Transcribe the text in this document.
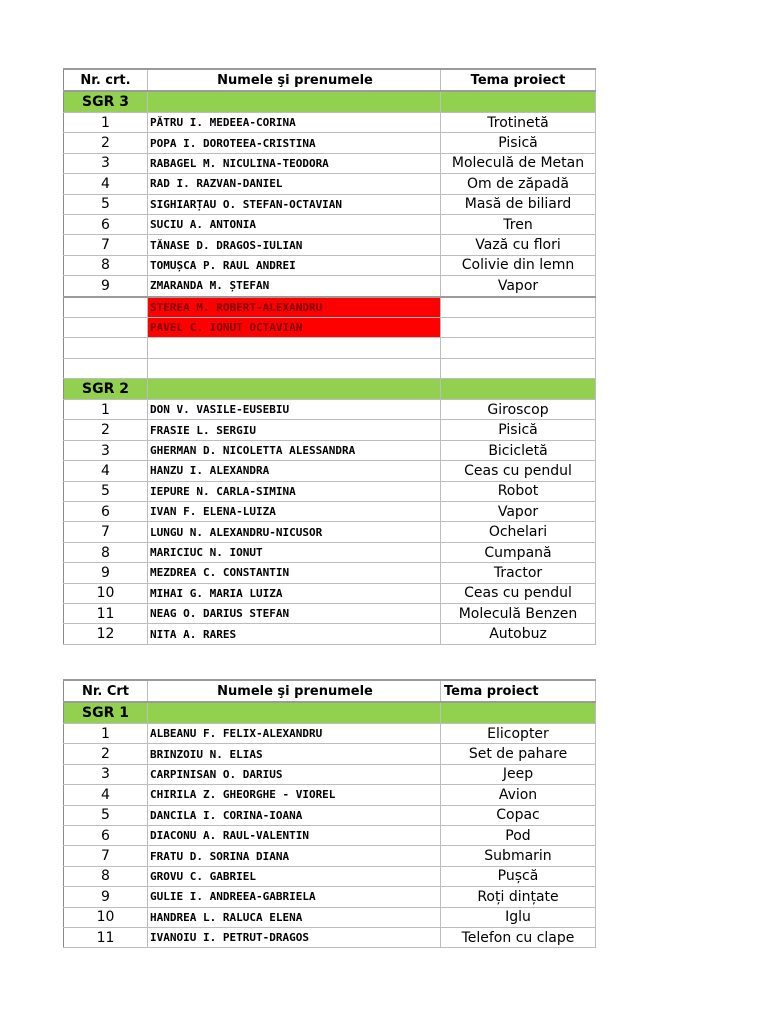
Nr. crt.	Numele şi prenumele	Tema proiect
SGR 3		
1	PĂTRU I. MEDEEA-CORINA	Trotinetă
2	POPA I. DOROTEEA-CRISTINA	Pisică
3	RABAGEL M. NICULINA-TEODORA	Moleculă de Metan
4	RAD I. RAZVAN-DANIEL	Om de zăpadă
5	SIGHIARȚAU O. STEFAN-OCTAVIAN	Masă de biliard
6	SUCIU A. ANTONIA	Tren
7	TĂNASE D. DRAGOS-IULIAN	Vază cu flori
8	TOMUȘCA P. RAUL ANDREI	Colivie din lemn
9	ZMARANDA M. ȘTEFAN	Vapor
	STEREA M. ROBERT-ALEXANDRU	
	PAVEL C. IONUT OCTAVIAN	

SGR 2		
1	DON V. VASILE-EUSEBIU	Giroscop
2	FRASIE L. SERGIU	Pisică
3	GHERMAN D. NICOLETTA ALESSANDRA	Bicicletă
4	HANZU I. ALEXANDRA	Ceas cu pendul
5	IEPURE N. CARLA-SIMINA	Robot
6	IVAN F. ELENA-LUIZA	Vapor
7	LUNGU N. ALEXANDRU-NICUSOR	Ochelari
8	MARICIUC N. IONUT	Cumpană
9	MEZDREA C. CONSTANTIN	Tractor
10	MIHAI G. MARIA LUIZA	Ceas cu pendul
11	NEAG O. DARIUS STEFAN	Moleculă Benzen
12	NITA A. RARES	Autobuz
Nr. Crt	Numele şi prenumele	Tema proiect
SGR 1		
1	ALBEANU F. FELIX-ALEXANDRU	Elicopter
2	BRINZOIU N. ELIAS	Set de pahare
3	CARPINISAN O. DARIUS	Jeep
4	CHIRILA Z. GHEORGHE - VIOREL	Avion
5	DANCILA I. CORINA-IOANA	Copac
6	DIACONU A. RAUL-VALENTIN	Pod
7	FRATU D. SORINA DIANA	Submarin
8	GROVU C. GABRIEL	Pușcă
9	GULIE I. ANDREEA-GABRIELA	Roți dințate
10	HANDREA L. RALUCA ELENA	Iglu
11	IVANOIU I. PETRUT-DRAGOS	Telefon cu clape
